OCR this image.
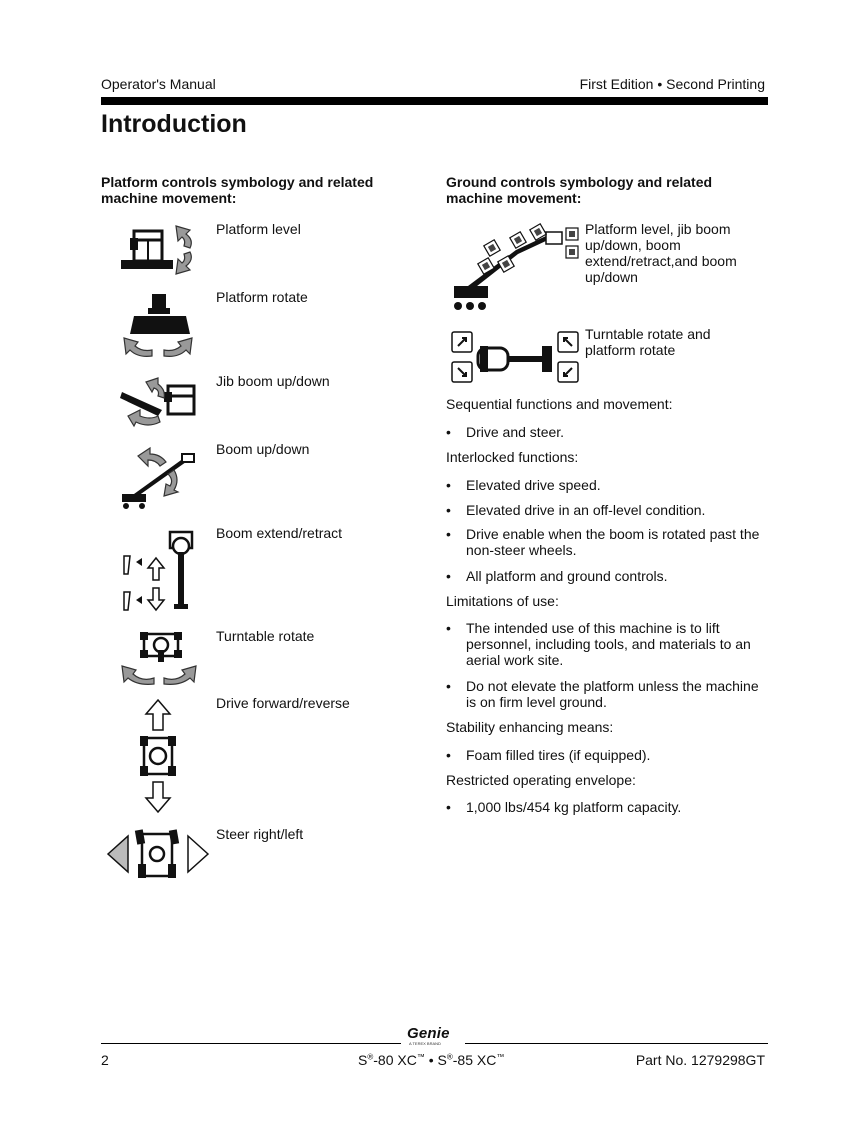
Operator's Manual	First Edition • Second Printing
Introduction
Platform controls symbology and related machine movement:
Platform level
Platform rotate
Jib boom up/down
Boom up/down
Boom extend/retract
Turntable rotate
Drive forward/reverse
Steer right/left
Ground controls symbology and related machine movement:
Platform level, jib boom up/down, boom extend/retract,and boom up/down
Turntable rotate and platform rotate
Sequential functions and movement:
• Drive and steer.
Interlocked functions:
• Elevated drive speed.
• Elevated drive in an off-level condition.
• Drive enable when the boom is rotated past the non-steer wheels.
• All platform and ground controls.
Limitations of use:
• The intended use of this machine is to lift personnel, including tools, and materials to an aerial work site.
• Do not elevate the platform unless the machine is on firm level ground.
Stability enhancing means:
• Foam filled tires (if equipped).
Restricted operating envelope:
• 1,000 lbs/454 kg platform capacity.
Genie
A TEREX BRAND
2	S®-80 XC™ • S®-85 XC™	Part No. 1279298GT
